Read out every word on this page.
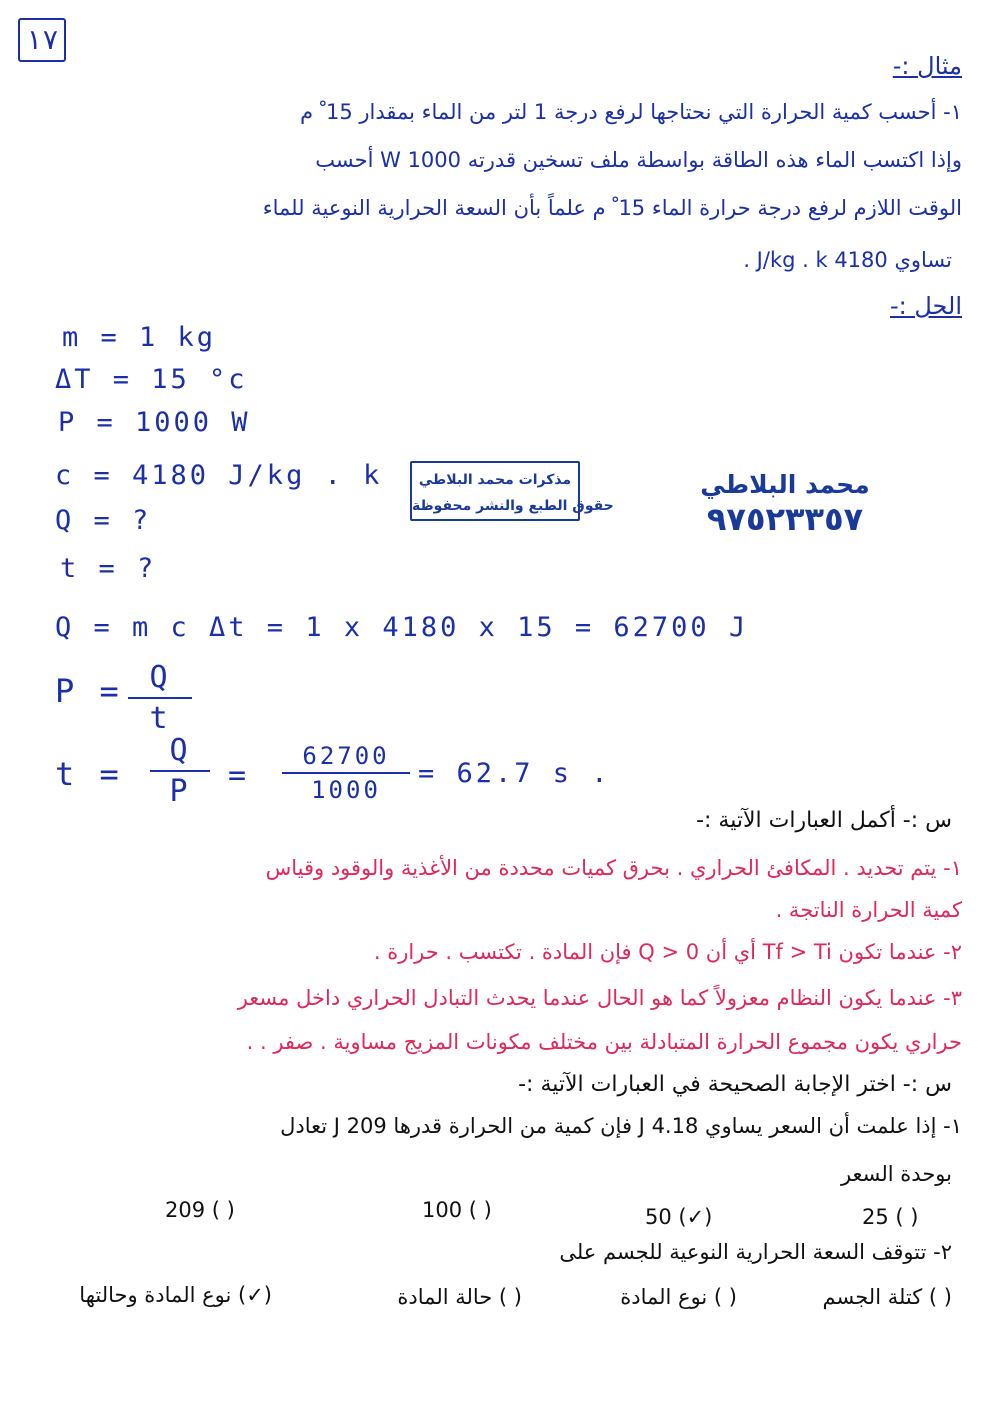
١٧
مثال :-
١- أحسب كمية الحرارة التي نحتاجها لرفع درجة 1 لتر من الماء بمقدار 15 ْ م
وإذا اكتسب الماء هذه الطاقة بواسطة ملف تسخين قدرته 1000 W أحسب
الوقت اللازم لرفع درجة حرارة الماء 15 ْ م علماً بأن السعة الحرارية النوعية للماء
تساوي 4180 J/kg . k .
الحل :-
m = 1 kg
ΔT = 15 °c
P = 1000 W
c = 4180 J/kg . k
Q = ?
t = ?
Q = m c Δt = 1 x 4180 x 15 = 62700 J
P = Q
t
t =
Q
P	=
62700
1000
= 62.7 s .
مذكرات محمد البلاطي
حقوق الطبع والنشر محفوظة
محمد البلاطي
٩٧٥٢٣٣٥٧
س :- أكمل العبارات الآتية :-
١- يتم تحديد . المكافئ الحراري . بحرق كميات محددة من الأغذية والوقود وقياس
كمية الحرارة الناتجة .
٢- عندما تكون Tf > Ti أي أن Q > 0 فإن المادة . تكتسب . حرارة .
٣- عندما يكون النظام معزولاً كما هو الحال عندما يحدث التبادل الحراري داخل مسعر
حراري يكون مجموع الحرارة المتبادلة بين مختلف مكونات المزيج مساوية . صفر . .
س :- اختر الإجابة الصحيحة في العبارات الآتية :-
١- إذا علمت أن السعر يساوي 4.18 J فإن كمية من الحرارة قدرها 209 J تعادل
بوحدة السعر
25 ( )
50 (✓)
100 ( )
209 ( )
٢- تتوقف السعة الحرارية النوعية للجسم على
( ) كتلة الجسم
( ) نوع المادة
( ) حالة المادة
(✓) نوع المادة وحالتها
